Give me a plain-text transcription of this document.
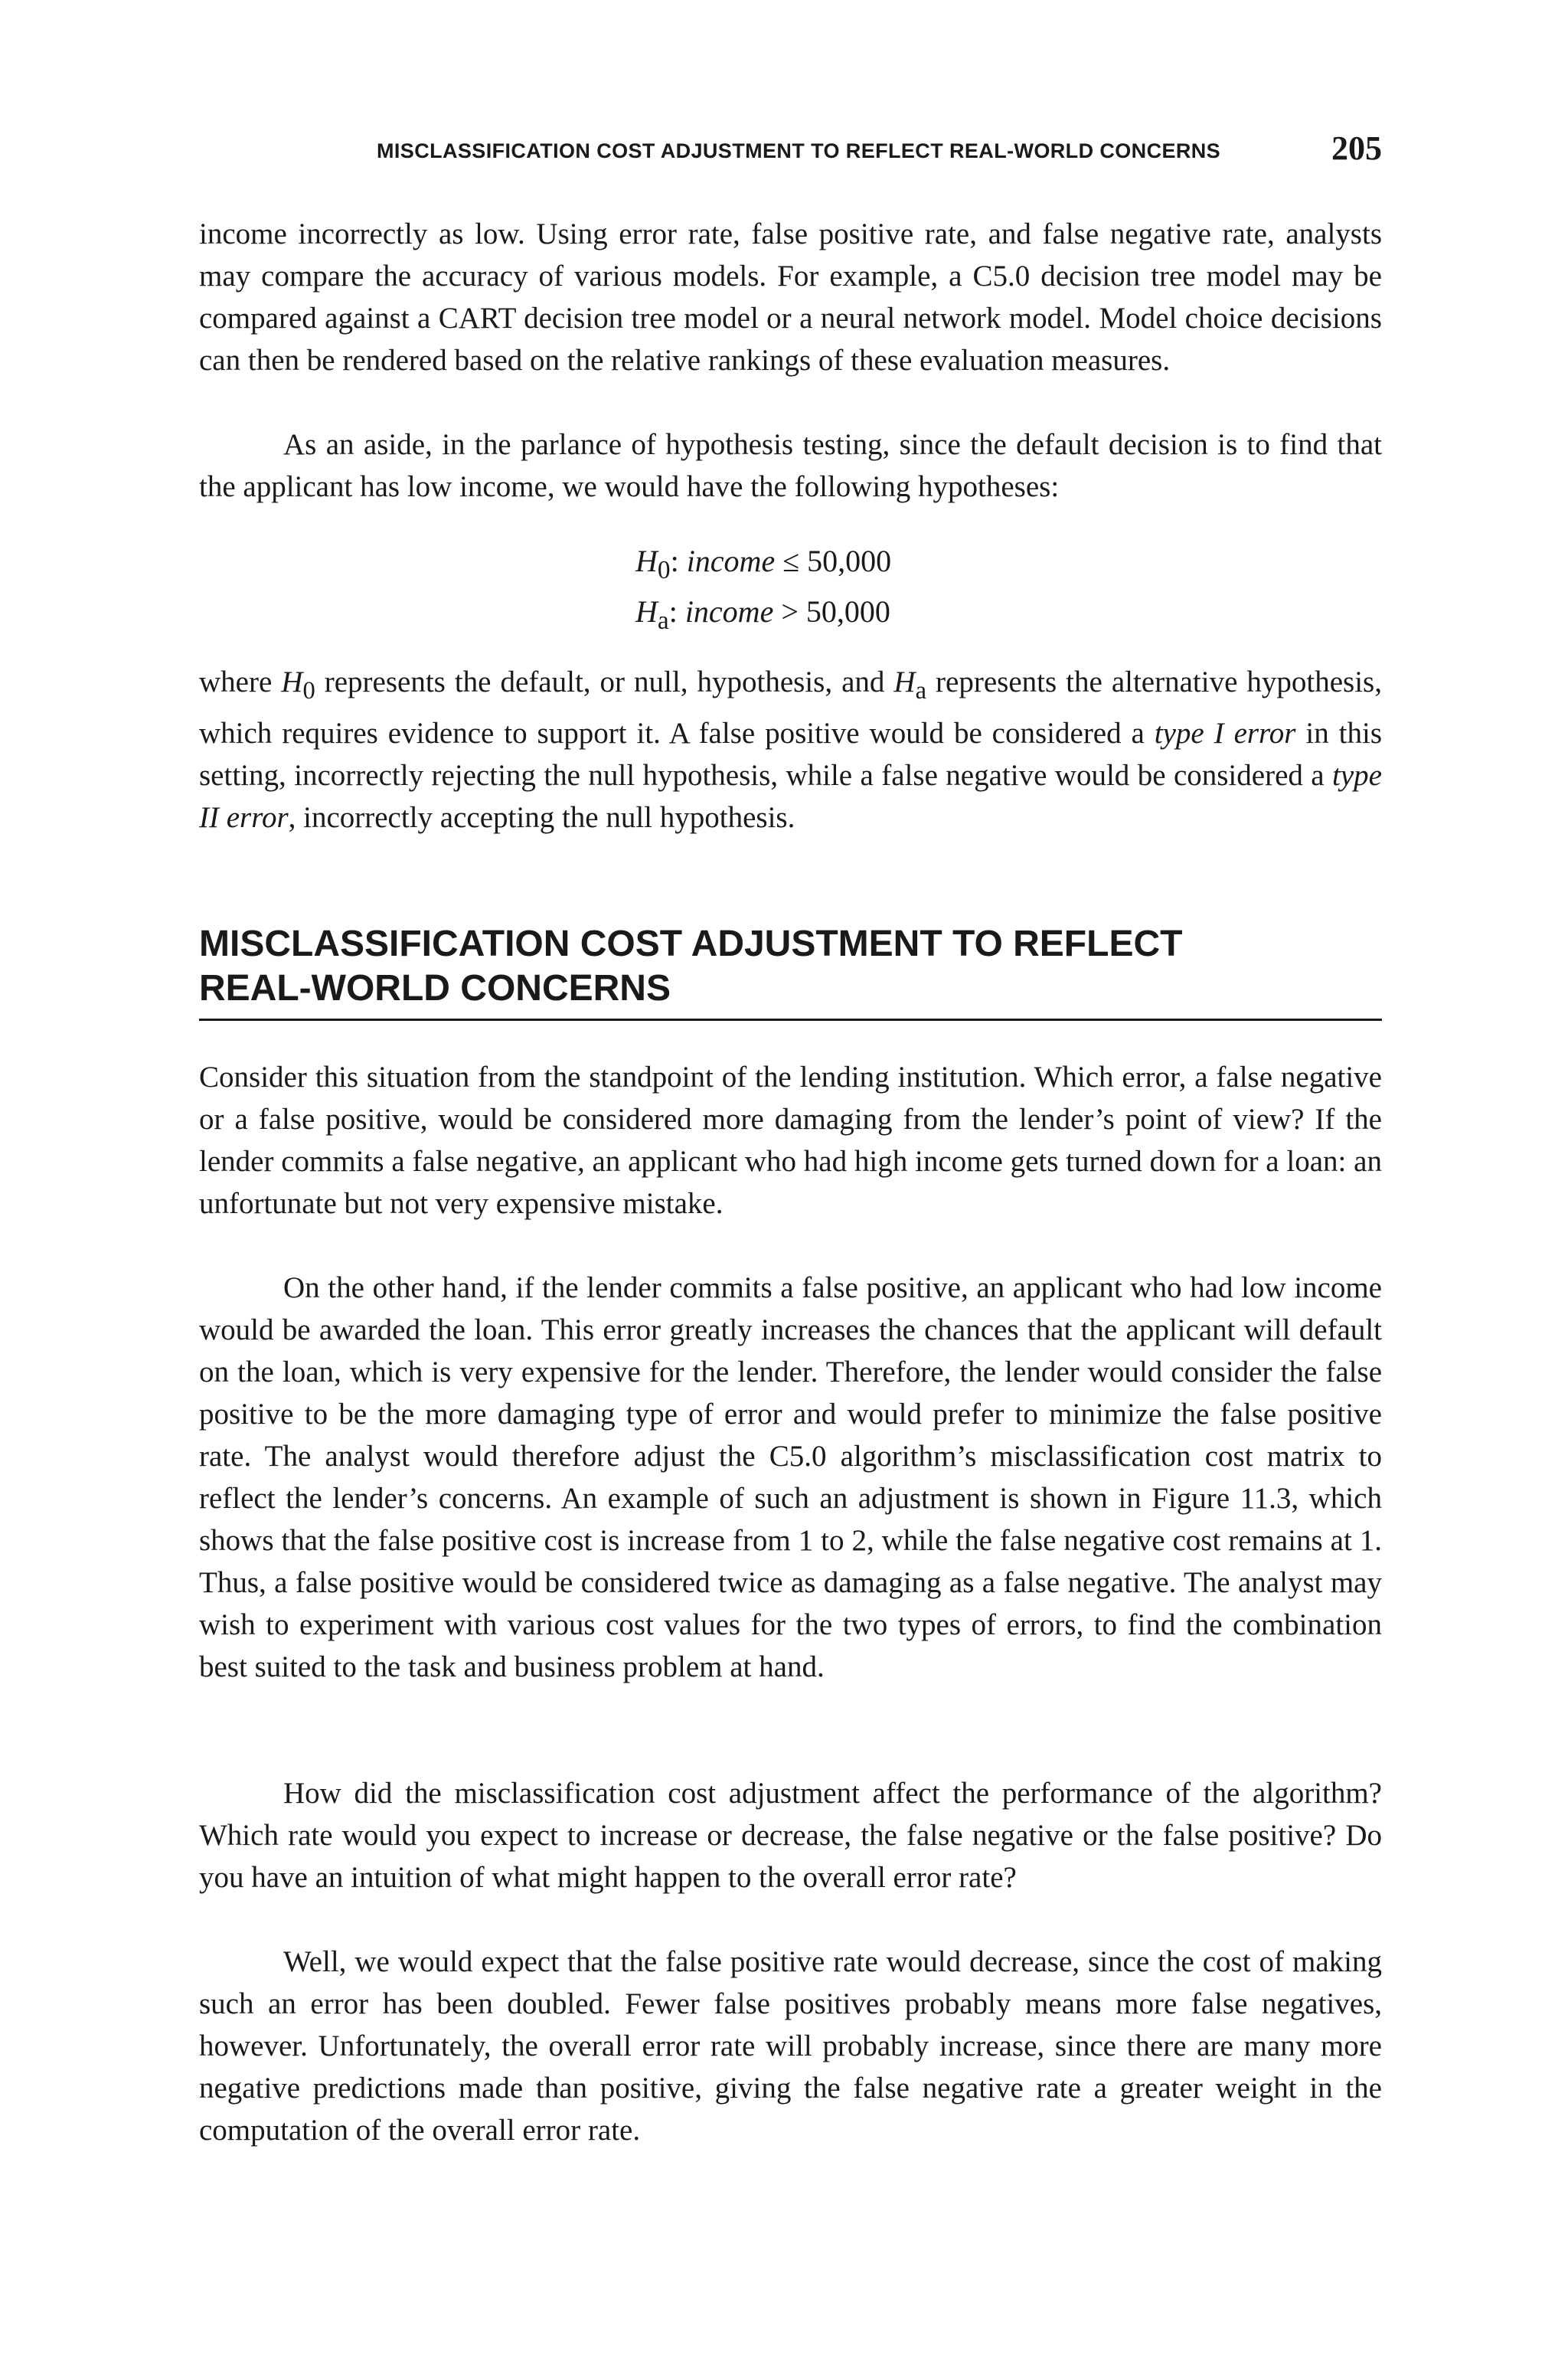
MISCLASSIFICATION COST ADJUSTMENT TO REFLECT REAL-WORLD CONCERNS	205

income incorrectly as low. Using error rate, false positive rate, and false negative rate, analysts may compare the accuracy of various models. For example, a C5.0 decision tree model may be compared against a CART decision tree model or a neural network model. Model choice decisions can then be rendered based on the relative rankings of these evaluation measures.

As an aside, in the parlance of hypothesis testing, since the default decision is to find that the applicant has low income, we would have the following hypotheses:

$H_0$: income ≤ 50,000
$H_a$: income > 50,000

where $H_0$ represents the default, or null, hypothesis, and $H_a$ represents the alternative hypothesis, which requires evidence to support it. A false positive would be considered a type I error in this setting, incorrectly rejecting the null hypothesis, while a false negative would be considered a type II error, incorrectly accepting the null hypothesis.

MISCLASSIFICATION COST ADJUSTMENT TO REFLECT
REAL-WORLD CONCERNS

Consider this situation from the standpoint of the lending institution. Which error, a false negative or a false positive, would be considered more damaging from the lender’s point of view? If the lender commits a false negative, an applicant who had high income gets turned down for a loan: an unfortunate but not very expensive mistake.

On the other hand, if the lender commits a false positive, an applicant who had low income would be awarded the loan. This error greatly increases the chances that the applicant will default on the loan, which is very expensive for the lender. Therefore, the lender would consider the false positive to be the more damaging type of error and would prefer to minimize the false positive rate. The analyst would therefore adjust the C5.0 algorithm’s misclassification cost matrix to reflect the lender’s concerns. An example of such an adjustment is shown in Figure 11.3, which shows that the false positive cost is increase from 1 to 2, while the false negative cost remains at 1. Thus, a false positive would be considered twice as damaging as a false negative. The analyst may wish to experiment with various cost values for the two types of errors, to find the combination best suited to the task and business problem at hand.

How did the misclassification cost adjustment affect the performance of the algorithm? Which rate would you expect to increase or decrease, the false negative or the false positive? Do you have an intuition of what might happen to the overall error rate?

Well, we would expect that the false positive rate would decrease, since the cost of making such an error has been doubled. Fewer false positives probably means more false negatives, however. Unfortunately, the overall error rate will probably increase, since there are many more negative predictions made than positive, giving the false negative rate a greater weight in the computation of the overall error rate.
